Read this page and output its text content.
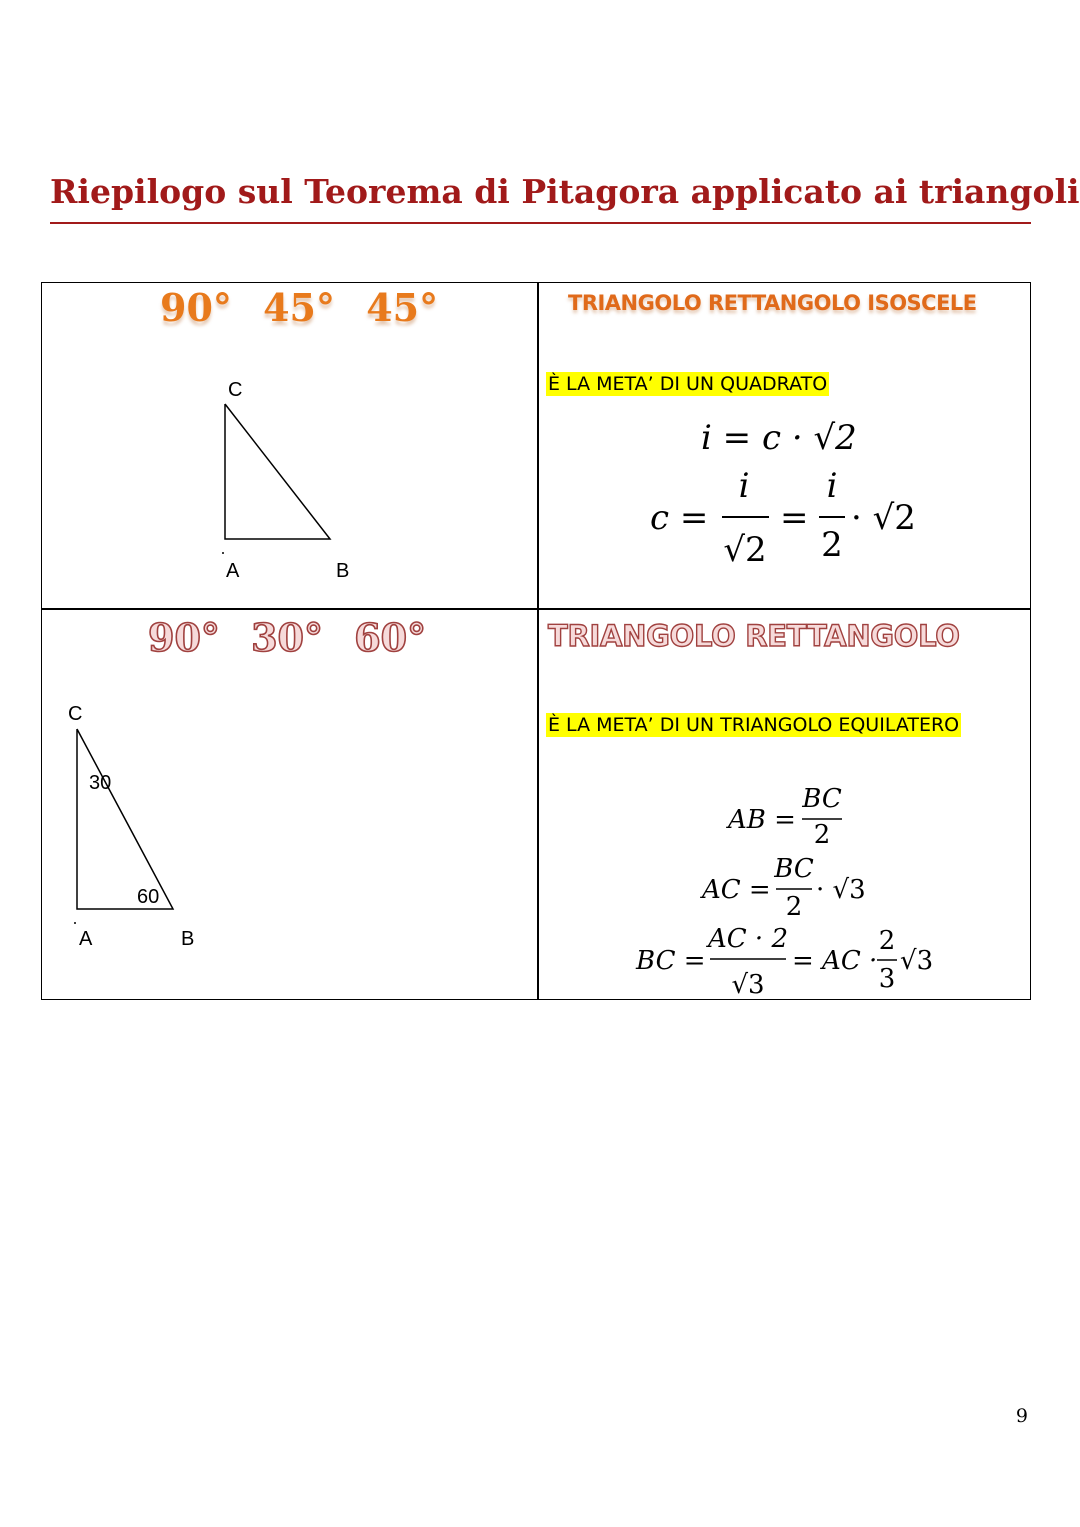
Riepilogo sul Teorema di Pitagora applicato ai triangoli
90° 45° 45°
C
A	B
TRIANGOLO RETTANGOLO ISOSCELE
È LA META’ DI UN QUADRATO
i = c · √2
c =
i
√2
=
i
2
· √2
90° 30° 60°
C
30
60
A	B
TRIANGOLO RETTANGOLO
È LA META’ DI UN TRIANGOLO EQUILATERO
AB =
BC
2
AC =
BC
2
· √3
BC =
AC · 2
√3
= AC ·
2
3
√3
9
